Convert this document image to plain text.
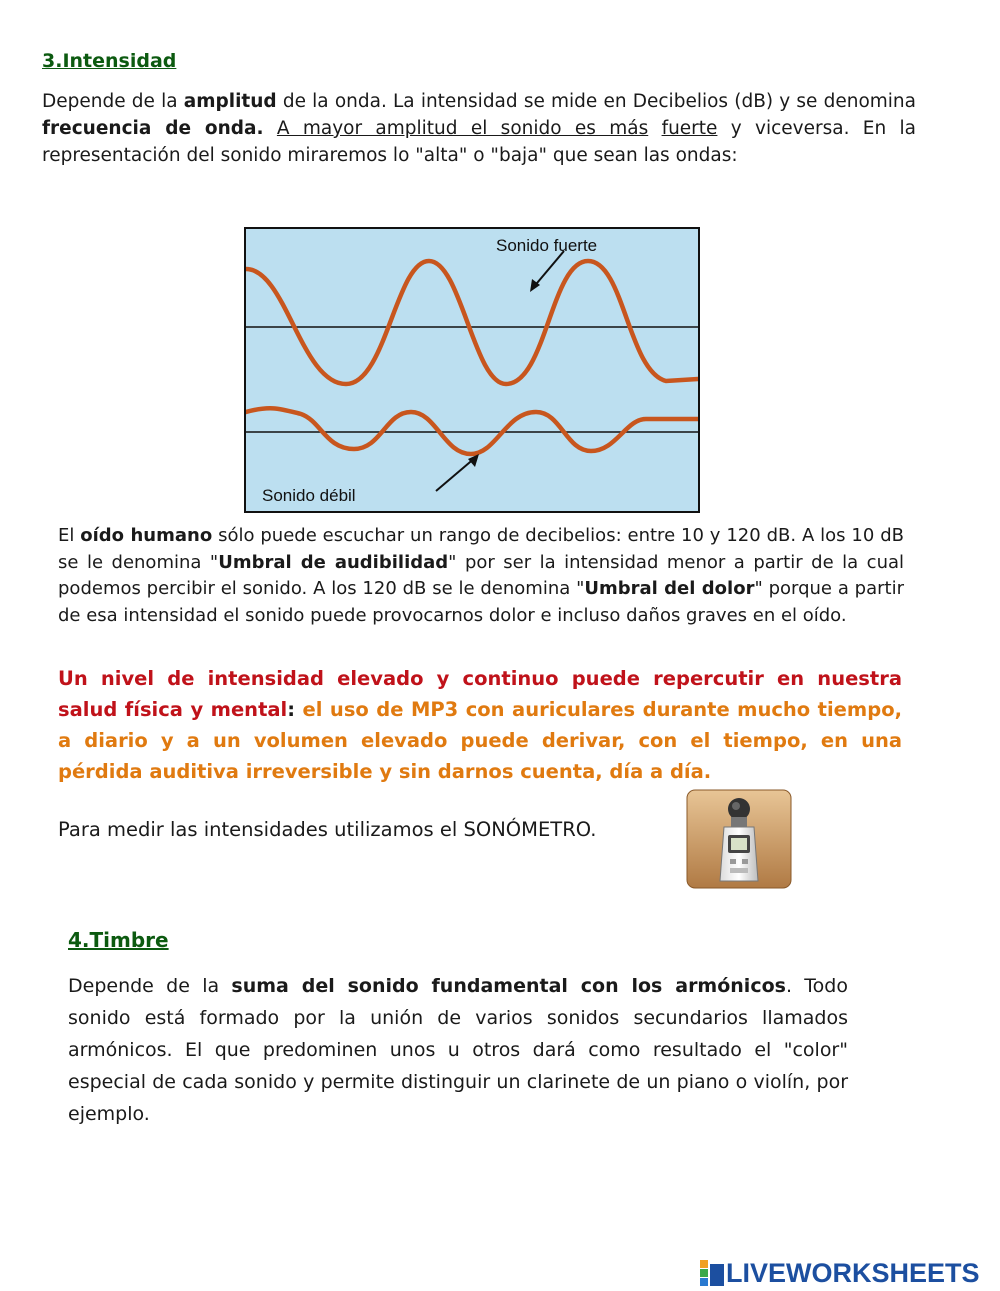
3.Intensidad
Depende de la amplitud de la onda. La intensidad se mide en Decibelios (dB) y se denomina frecuencia de onda. A mayor amplitud el sonido es más fuerte y viceversa. En la representación del sonido miraremos lo "alta" o "baja" que sean las ondas:
Sonido fuerte
Sonido débil
El oído humano sólo puede escuchar un rango de decibelios: entre 10 y 120 dB. A los 10 dB se le denomina "Umbral de audibilidad" por ser la intensidad menor a partir de la cual podemos percibir el sonido. A los 120 dB se le denomina "Umbral del dolor" porque a partir de esa intensidad el sonido puede provocarnos dolor e incluso daños graves en el oído.
Un nivel de intensidad elevado y continuo puede repercutir en nuestra salud física y mental: el uso de MP3 con auriculares durante mucho tiempo, a diario y a un volumen elevado puede derivar, con el tiempo, en una pérdida auditiva irreversible y sin darnos cuenta, día a día.
Para medir las intensidades utilizamos el SONÓMETRO.
4.Timbre
Depende de la suma del sonido fundamental con los armónicos. Todo sonido está formado por la unión de varios sonidos secundarios llamados armónicos. El que predominen unos u otros dará como resultado el "color" especial de cada sonido y permite distinguir un clarinete de un piano o violín, por ejemplo.
LIVEWORKSHEETS
